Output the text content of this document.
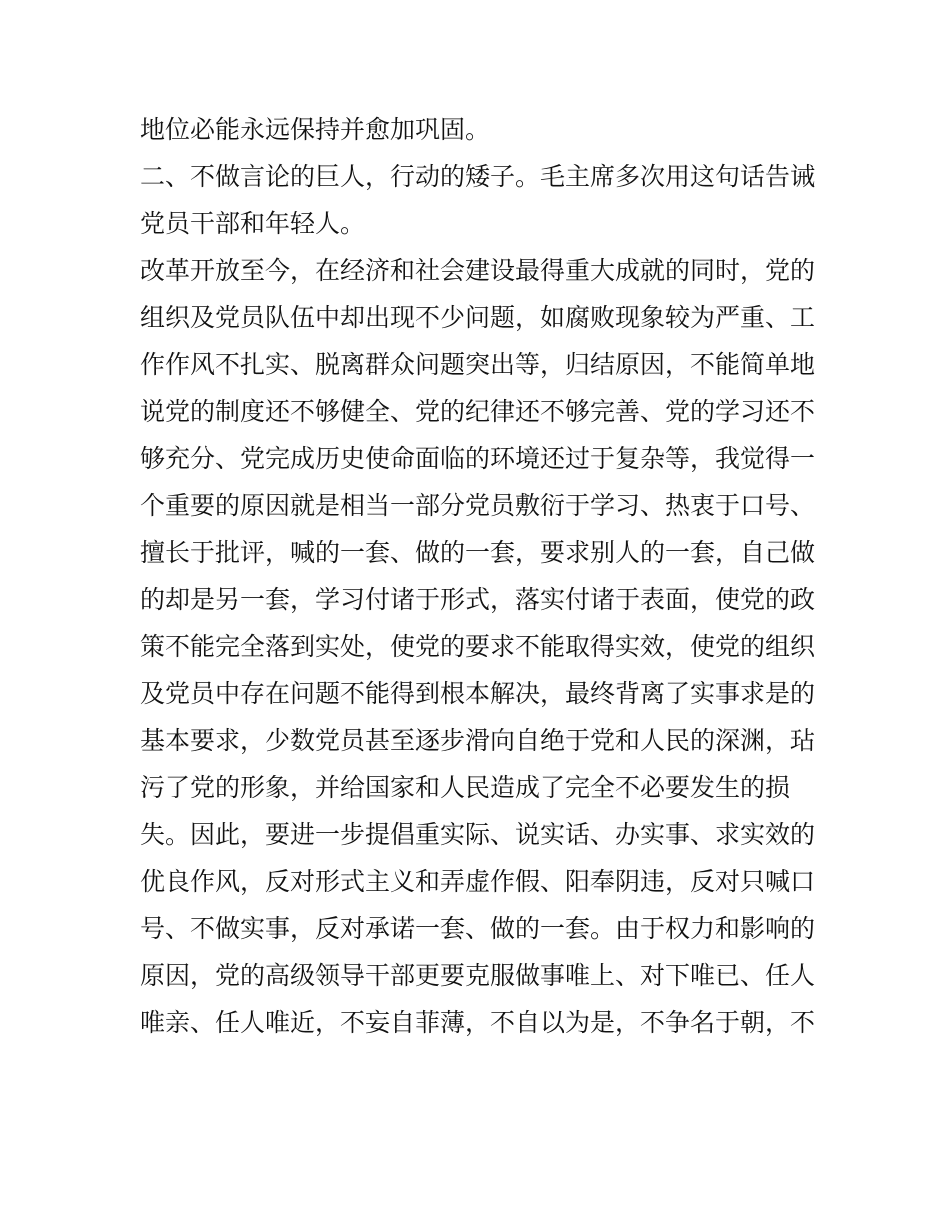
地位必能永远保持并愈加巩固。
二、不做言论的巨人，行动的矮子。毛主席多次用这句话告诫
党员干部和年轻人。
改革开放至今，在经济和社会建设最得重大成就的同时，党的
组织及党员队伍中却出现不少问题，如腐败现象较为严重、工
作作风不扎实、脱离群众问题突出等，归结原因，不能简单地
说党的制度还不够健全、党的纪律还不够完善、党的学习还不
够充分、党完成历史使命面临的环境还过于复杂等，我觉得一
个重要的原因就是相当一部分党员敷衍于学习、热衷于口号、
擅长于批评，喊的一套、做的一套，要求别人的一套，自己做
的却是另一套，学习付诸于形式，落实付诸于表面，使党的政
策不能完全落到实处，使党的要求不能取得实效，使党的组织
及党员中存在问题不能得到根本解决，最终背离了实事求是的
基本要求，少数党员甚至逐步滑向自绝于党和人民的深渊，玷
污了党的形象，并给国家和人民造成了完全不必要发生的损
失。因此，要进一步提倡重实际、说实话、办实事、求实效的
优良作风，反对形式主义和弄虚作假、阳奉阴违，反对只喊口
号、不做实事，反对承诺一套、做的一套。由于权力和影响的
原因，党的高级领导干部更要克服做事唯上、对下唯已、任人
唯亲、任人唯近，不妄自菲薄，不自以为是，不争名于朝，不
